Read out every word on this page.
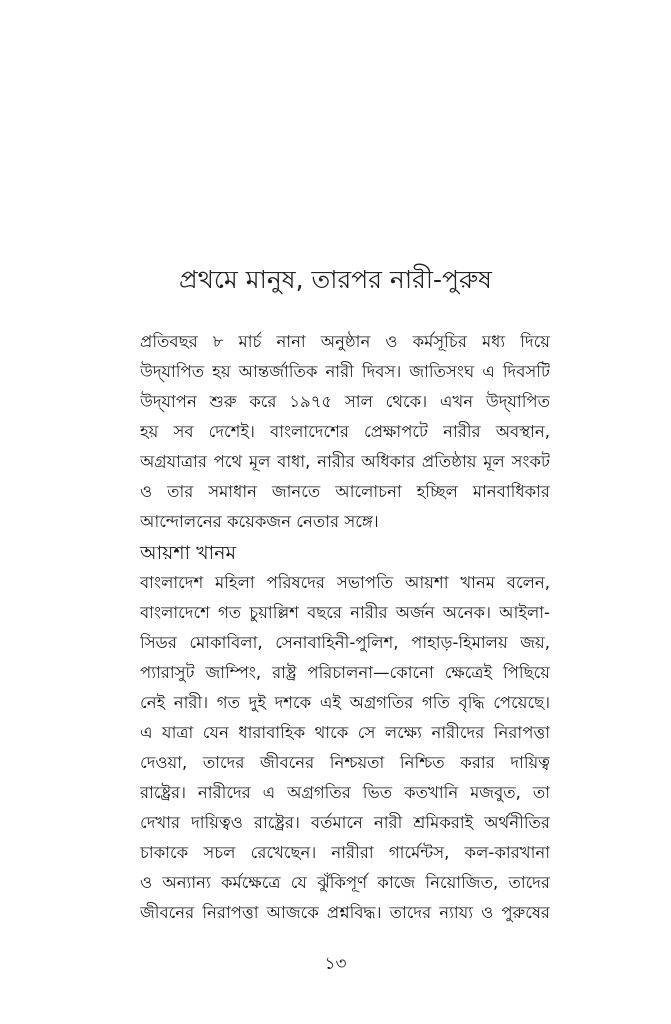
প্রথমে মানুষ, তারপর নারী-পুরুষ
প্রতিবছর ৮ মার্চ নানা অনুষ্ঠান ও কর্মসূচির মধ্য দিয়ে
উদ্‌যাপিত হয় আন্তর্জাতিক নারী দিবস। জাতিসংঘ এ দিবসটি
উদ্‌যাপন শুরু করে ১৯৭৫ সাল থেকে। এখন উদ্‌যাপিত
হয় সব দেশেই। বাংলাদেশের প্রেক্ষাপটে নারীর অবস্থান,
অগ্রযাত্রার পথে মূল বাধা, নারীর অধিকার প্রতিষ্ঠায় মূল সংকট
ও তার সমাধান জানতে আলোচনা হচ্ছিল মানবাধিকার
আন্দোলনের কয়েকজন নেতার সঙ্গে।
আয়শা খানম
বাংলাদেশ মহিলা পরিষদের সভাপতি আয়শা খানম বলেন,
বাংলাদেশে গত চুয়াল্লিশ বছরে নারীর অর্জন অনেক। আইলা-
সিডর মোকাবিলা, সেনাবাহিনী-পুলিশ, পাহাড়-হিমালয় জয়,
প্যারাসুট জাম্পিং, রাষ্ট্র পরিচালনা—কোনো ক্ষেত্রেই পিছিয়ে
নেই নারী। গত দুই দশকে এই অগ্রগতির গতি বৃদ্ধি পেয়েছে।
এ যাত্রা যেন ধারাবাহিক থাকে সে লক্ষ্যে নারীদের নিরাপত্তা
দেওয়া, তাদের জীবনের নিশ্চয়তা নিশ্চিত করার দায়িত্ব
রাষ্ট্রের। নারীদের এ অগ্রগতির ভিত কতখানি মজবুত, তা
দেখার দায়িত্বও রাষ্ট্রের। বর্তমানে নারী শ্রমিকরাই অর্থনীতির
চাকাকে সচল রেখেছেন। নারীরা গার্মেন্টস, কল-কারখানা
ও অন্যান্য কর্মক্ষেত্রে যে ঝুঁকিপূর্ণ কাজে নিয়োজিত, তাদের
জীবনের নিরাপত্তা আজকে প্রশ্নবিদ্ধ। তাদের ন্যায্য ও পুরুষের
১৩
